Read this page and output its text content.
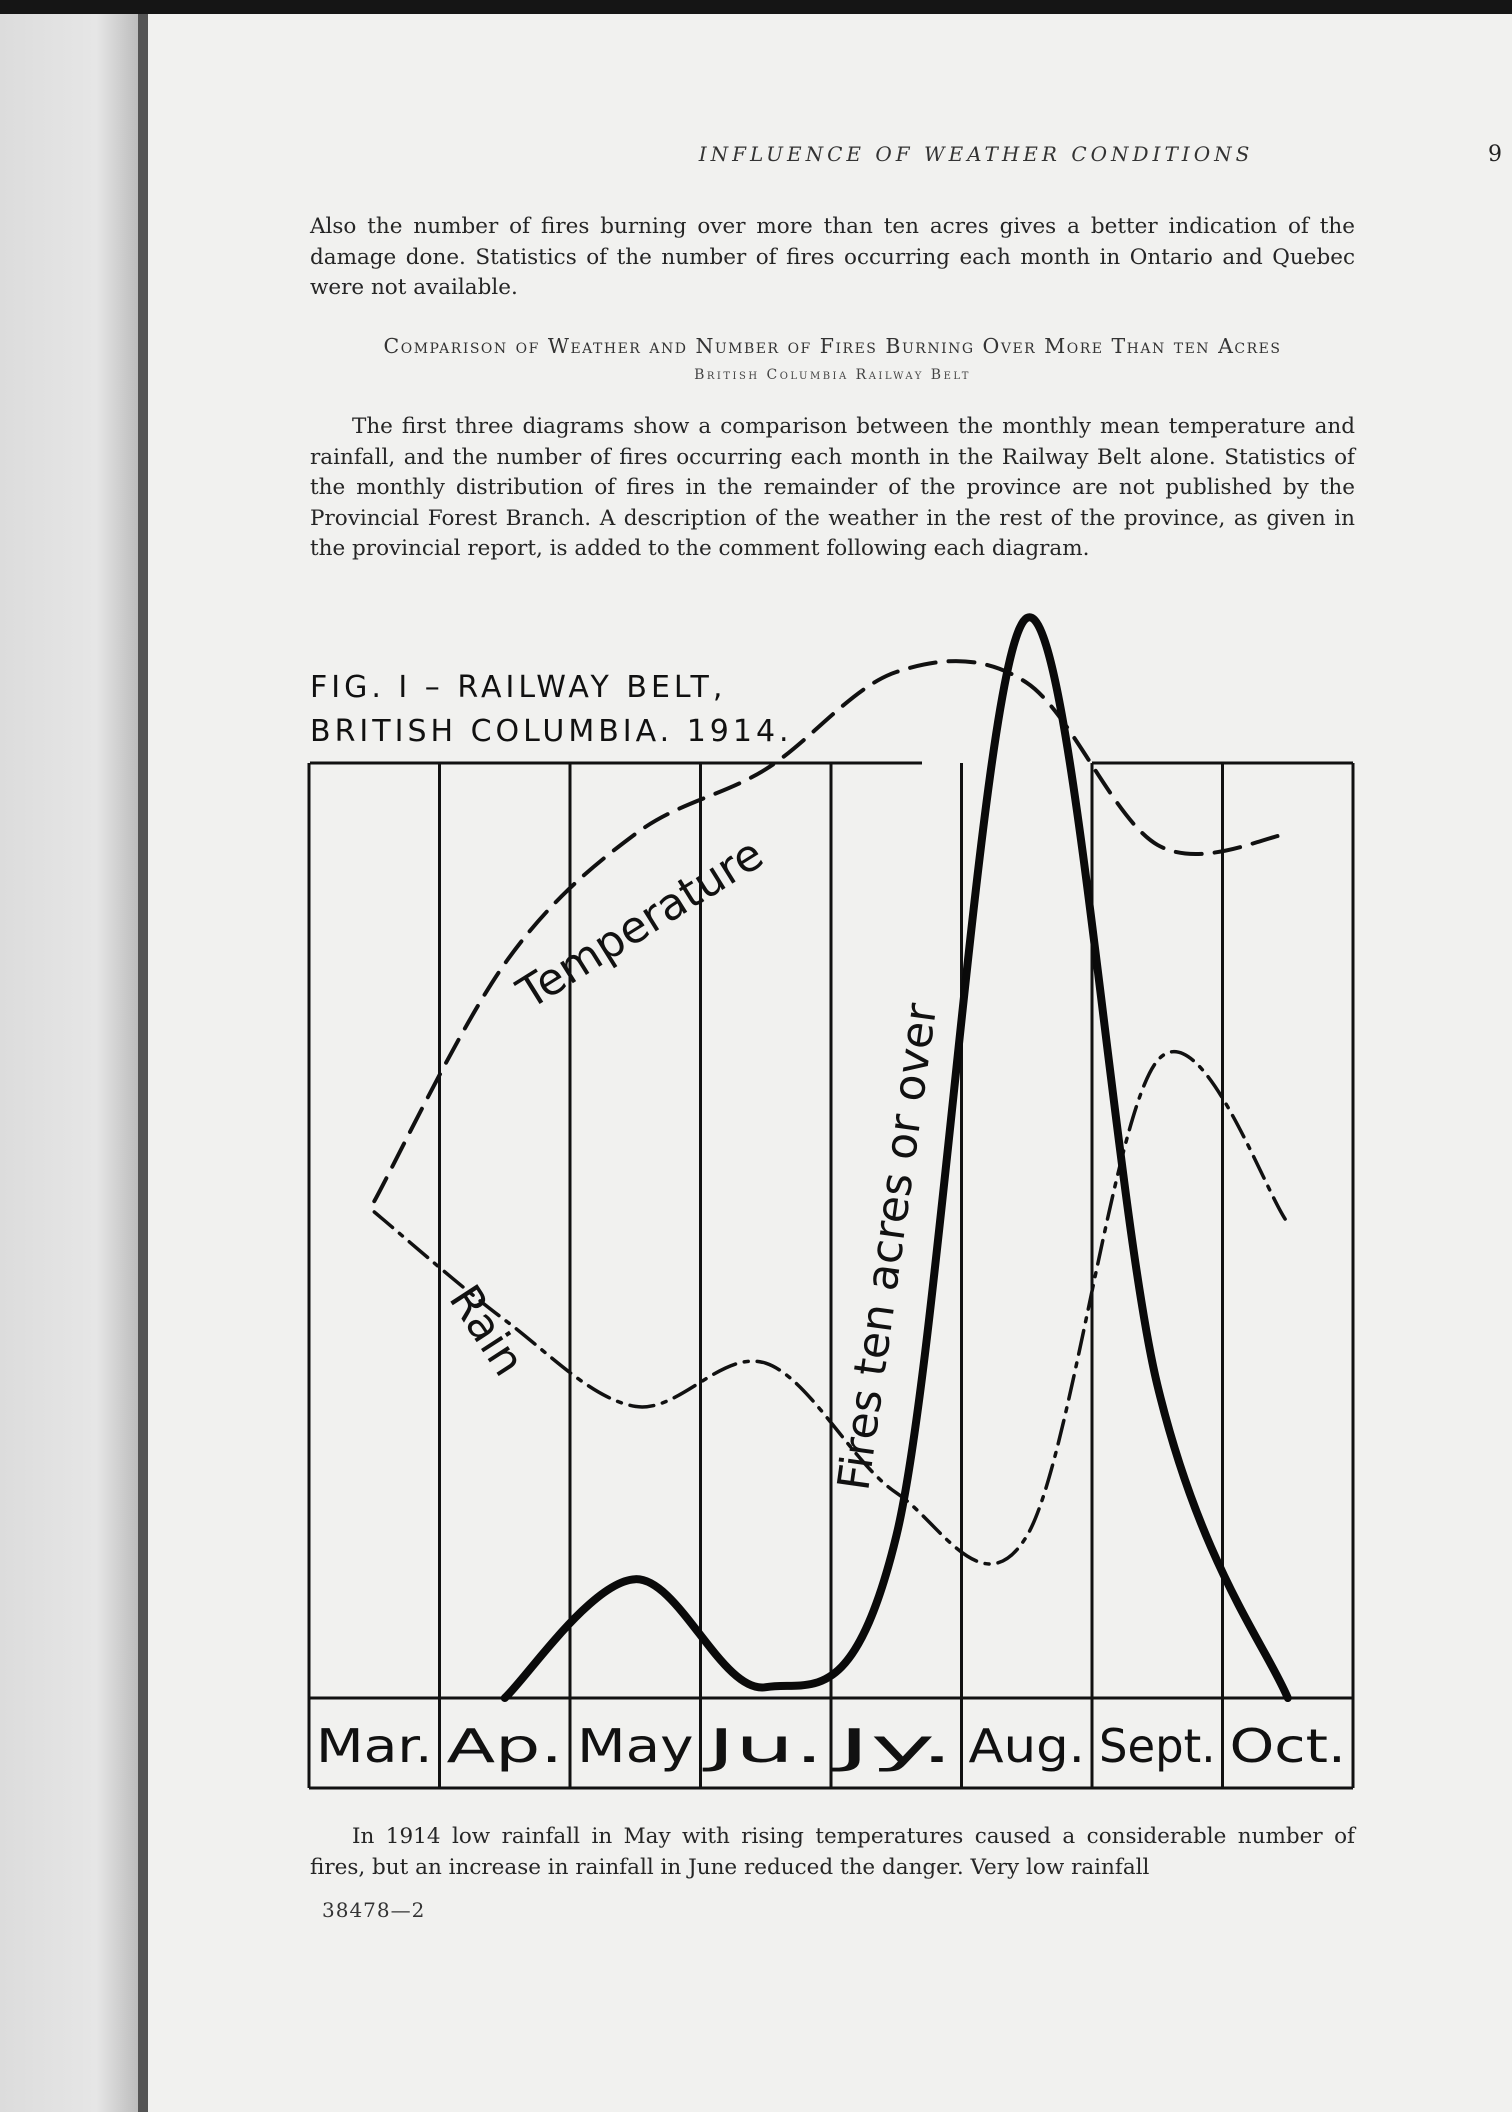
INFLUENCE OF WEATHER CONDITIONS	9
Also the number of fires burning over more than ten acres gives a better indication of the damage done. Statistics of the number of fires occurring each month in Ontario and Quebec were not available.
Comparison of Weather and Number of Fires Burning Over More Than ten Acres
British Columbia Railway Belt
The first three diagrams show a comparison between the monthly mean temperature and rainfall, and the number of fires occurring each month in the Railway Belt alone. Statistics of the monthly distribution of fires in the remainder of the province are not published by the Provincial Forest Branch. A description of the weather in the rest of the province, as given in the provincial report, is added to the comment following each diagram.
FIG. I – RAILWAY BELT,
BRITISH COLUMBIA. 1914.
Mar. Ap. May Ju. Jy. Aug. Sept. Oct.
Temperature
Rain	Fires ten acres or over
In 1914 low rainfall in May with rising temperatures caused a considerable number of fires, but an increase in rainfall in June reduced the danger. Very low rainfall
38478—2
